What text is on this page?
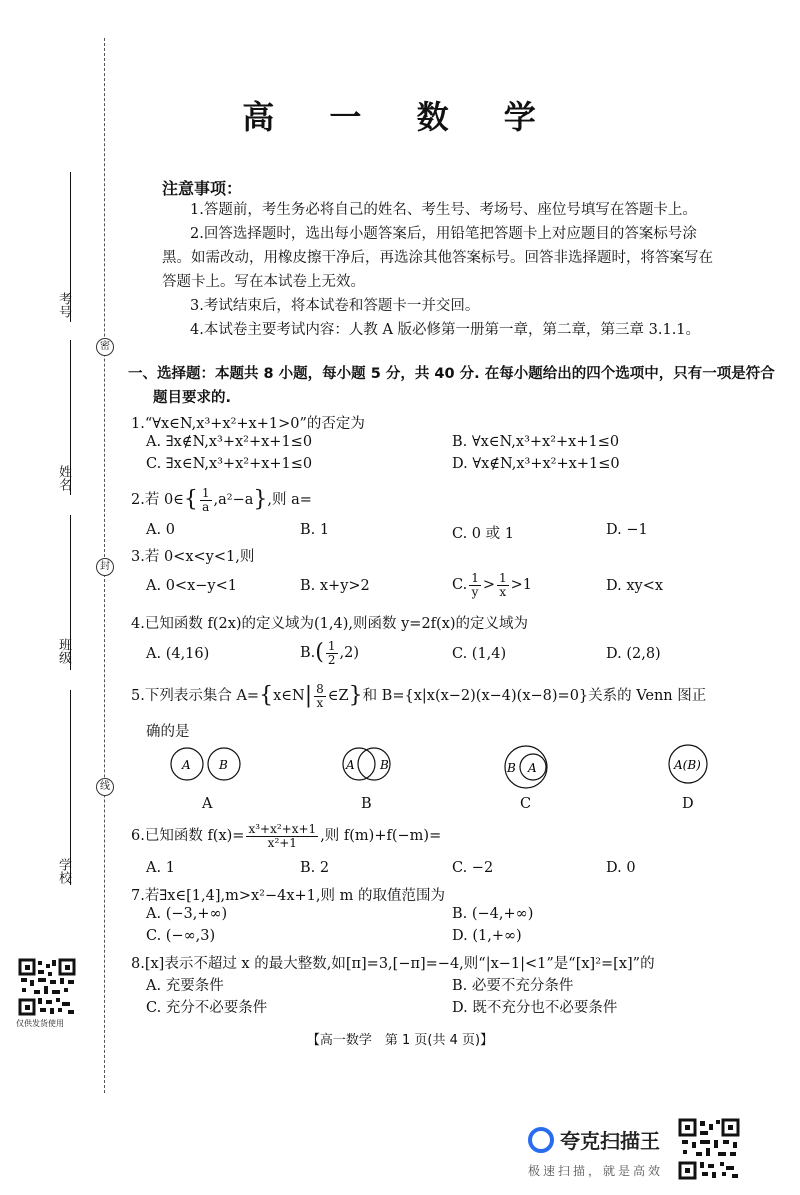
密
封
线
考号
姓名
班级
学校
仅供发货使用
高 一 数 学
注意事项：
1.答题前，考生务必将自己的姓名、考生号、考场号、座位号填写在答题卡上。
2.回答选择题时，选出每小题答案后，用铅笔把答题卡上对应题目的答案标号涂
黑。如需改动，用橡皮擦干净后，再选涂其他答案标号。回答非选择题时，将答案写在
答题卡上。写在本试卷上无效。
3.考试结束后，将本试卷和答题卡一并交回。
4.本试卷主要考试内容：人教 A 版必修第一册第一章，第二章，第三章 3.1.1。
一、选择题：本题共 8 小题，每小题 5 分，共 40 分. 在每小题给出的四个选项中，只有一项是符合
题目要求的.
1.“∀x∈N,x³+x²+x+1>0”的否定为
A. ∃x∉N,x³+x²+x+1≤0	B. ∀x∈N,x³+x²+x+1≤0
C. ∃x∈N,x³+x²+x+1≤0	D. ∀x∉N,x³+x²+x+1≤0
2.若 0∈{ $\frac{1}{a} ,a^2-a$},则 a=
A. 0	B. 1	C. 0 或 1	D. −1
3.若 0<x<y<1,则
A. 0<x−y<1	B. x+y>2	C. $\frac{1}{y} > \frac{1}{x} >1$	D. xy<x
4.已知函数 f(2x)的定义域为(1,4),则函数 y=2f(x)的定义域为
A. (4,16)	$B.( \frac{1}{2} ,2)$	C. (1,4)	D. (2,8)
5.下列表示集合 A={x∈N| $\frac{8}{x}$ ∈Z}和 B={x|x(x−2)(x−4)(x−8)=0}关系的 Venn 图正
确的是
A B	A B	B A	A(B)
A	B	C	D
6.已知函数 $f(x)= \frac{\text{x³+x²+x+1}}{\text{x²+1}}$ ,则 f(m)+f(−m)=
A. 1	B. 2	C. −2	D. 0
7.若∃x∈[1,4],m>x²−4x+1,则 m 的取值范围为
A. (−3,+∞)	B. (−4,+∞)
C. (−∞,3)	D. (1,+∞)
8.[x]表示不超过 x 的最大整数,如[π]=3,[−π]=−4,则“|x−1|<1”是“[x]²=[x]”的
A. 充要条件	B. 必要不充分条件
C. 充分不必要条件	D. 既不充分也不必要条件
【高一数学　第 1 页(共 4 页)】
夸克扫描王
极速扫描，就是高效
